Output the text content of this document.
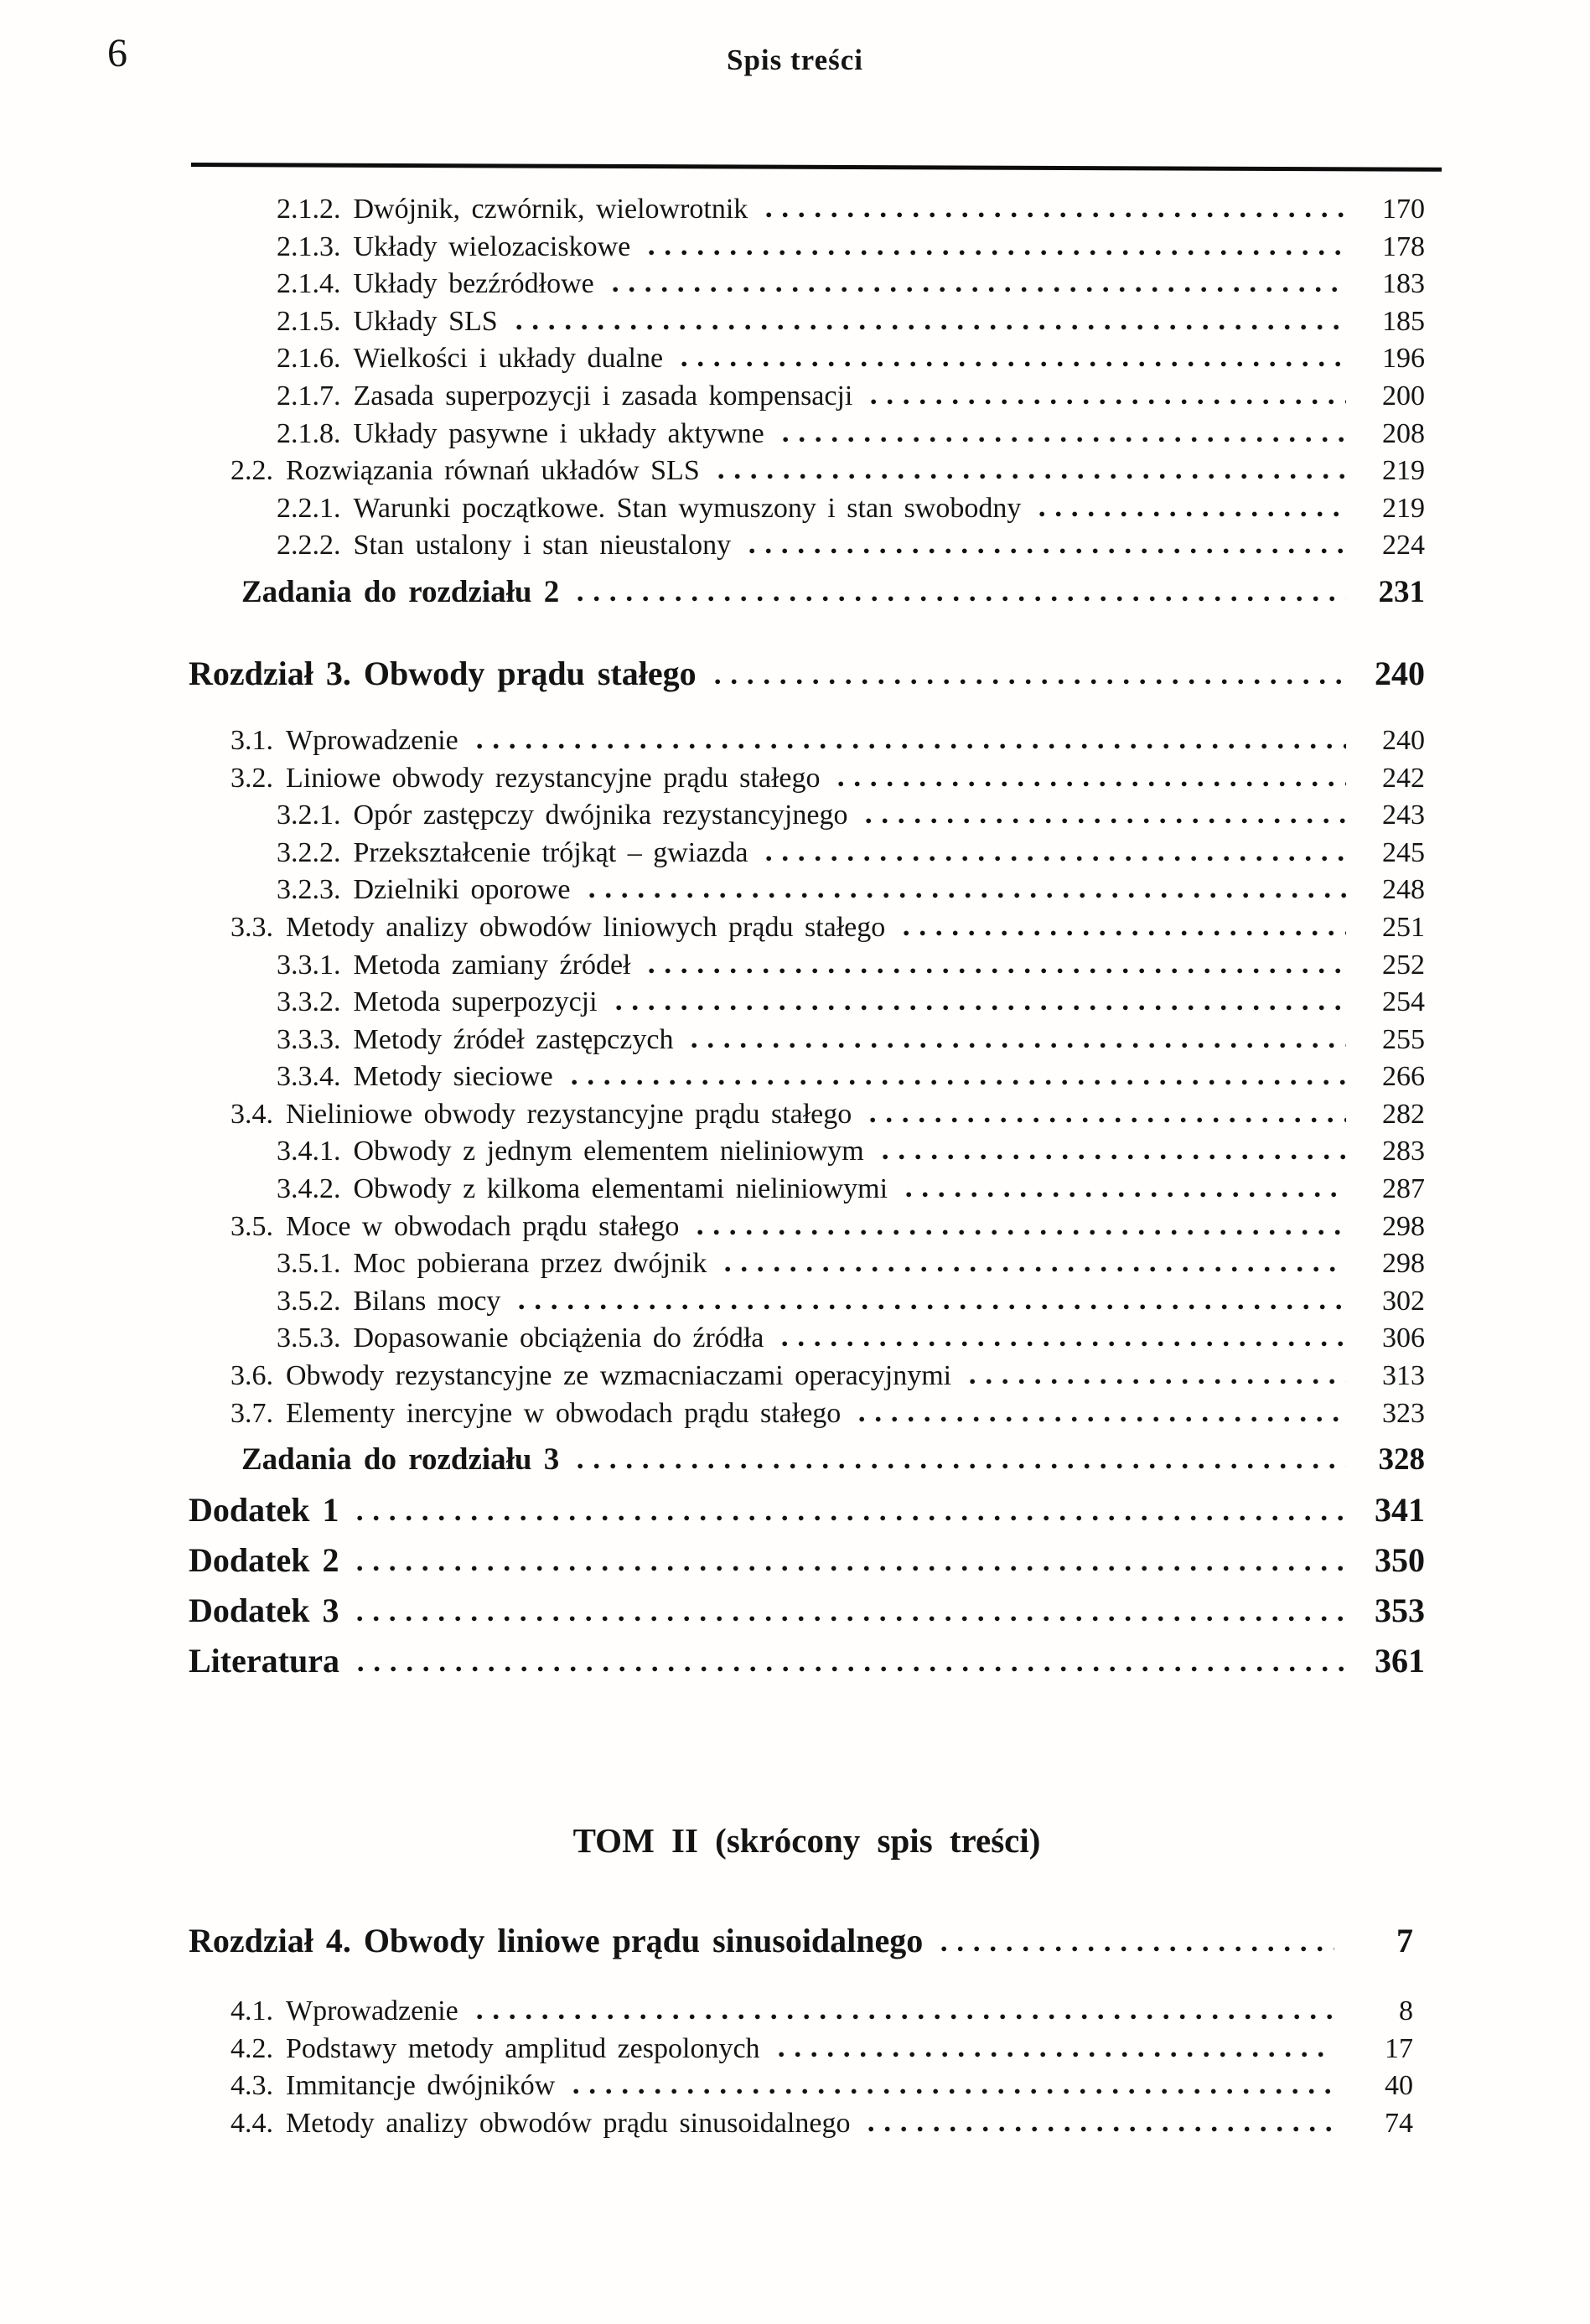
6	Spis treści
2.1.2. Dwójnik, czwórnik, wielowrotnik	170
2.1.3. Układy wielozaciskowe	178
2.1.4. Układy bezźródłowe	183
2.1.5. Układy SLS	185
2.1.6. Wielkości i układy dualne	196
2.1.7. Zasada superpozycji i zasada kompensacji	200
2.1.8. Układy pasywne i układy aktywne	208
2.2. Rozwiązania równań układów SLS	219
2.2.1. Warunki początkowe. Stan wymuszony i stan swobodny	219
2.2.2. Stan ustalony i stan nieustalony	224
Zadania do rozdziału 2	231
Rozdział 3. Obwody prądu stałego	240
3.1. Wprowadzenie	240
3.2. Liniowe obwody rezystancyjne prądu stałego	242
3.2.1. Opór zastępczy dwójnika rezystancyjnego	243
3.2.2. Przekształcenie trójkąt – gwiazda	245
3.2.3. Dzielniki oporowe	248
3.3. Metody analizy obwodów liniowych prądu stałego	251
3.3.1. Metoda zamiany źródeł	252
3.3.2. Metoda superpozycji	254
3.3.3. Metody źródeł zastępczych	255
3.3.4. Metody sieciowe	266
3.4. Nieliniowe obwody rezystancyjne prądu stałego	282
3.4.1. Obwody z jednym elementem nieliniowym	283
3.4.2. Obwody z kilkoma elementami nieliniowymi	287
3.5. Moce w obwodach prądu stałego	298
3.5.1. Moc pobierana przez dwójnik	298
3.5.2. Bilans mocy	302
3.5.3. Dopasowanie obciążenia do źródła	306
3.6. Obwody rezystancyjne ze wzmacniaczami operacyjnymi	313
3.7. Elementy inercyjne w obwodach prądu stałego	323
Zadania do rozdziału 3	328
Dodatek 1	341
Dodatek 2	350
Dodatek 3	353
Literatura	361
TOM II (skrócony spis treści)
Rozdział 4. Obwody liniowe prądu sinusoidalnego	7
4.1. Wprowadzenie	8
4.2. Podstawy metody amplitud zespolonych	17
4.3. Immitancje dwójników	40
4.4. Metody analizy obwodów prądu sinusoidalnego	74
